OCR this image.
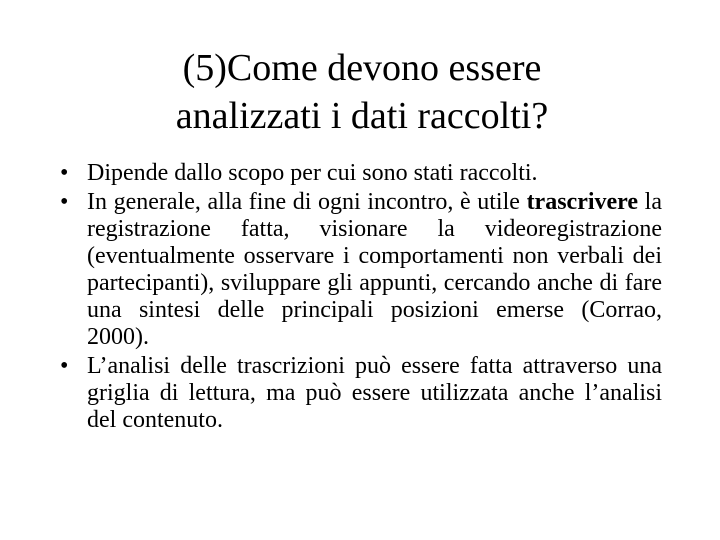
(5)Come devono essere
analizzati i dati raccolti?
• Dipende dallo scopo per cui sono stati raccolti.
• In generale, alla fine di ogni incontro, è utile trascrivere la registrazione fatta, visionare la videoregistrazione (eventualmente osservare i comportamenti non verbali dei partecipanti), sviluppare gli appunti, cercando anche di fare una sintesi delle principali posizioni emerse (Corrao, 2000).
• L’analisi delle trascrizioni può essere fatta attraverso una griglia di lettura, ma può essere utilizzata anche l’analisi del contenuto.
